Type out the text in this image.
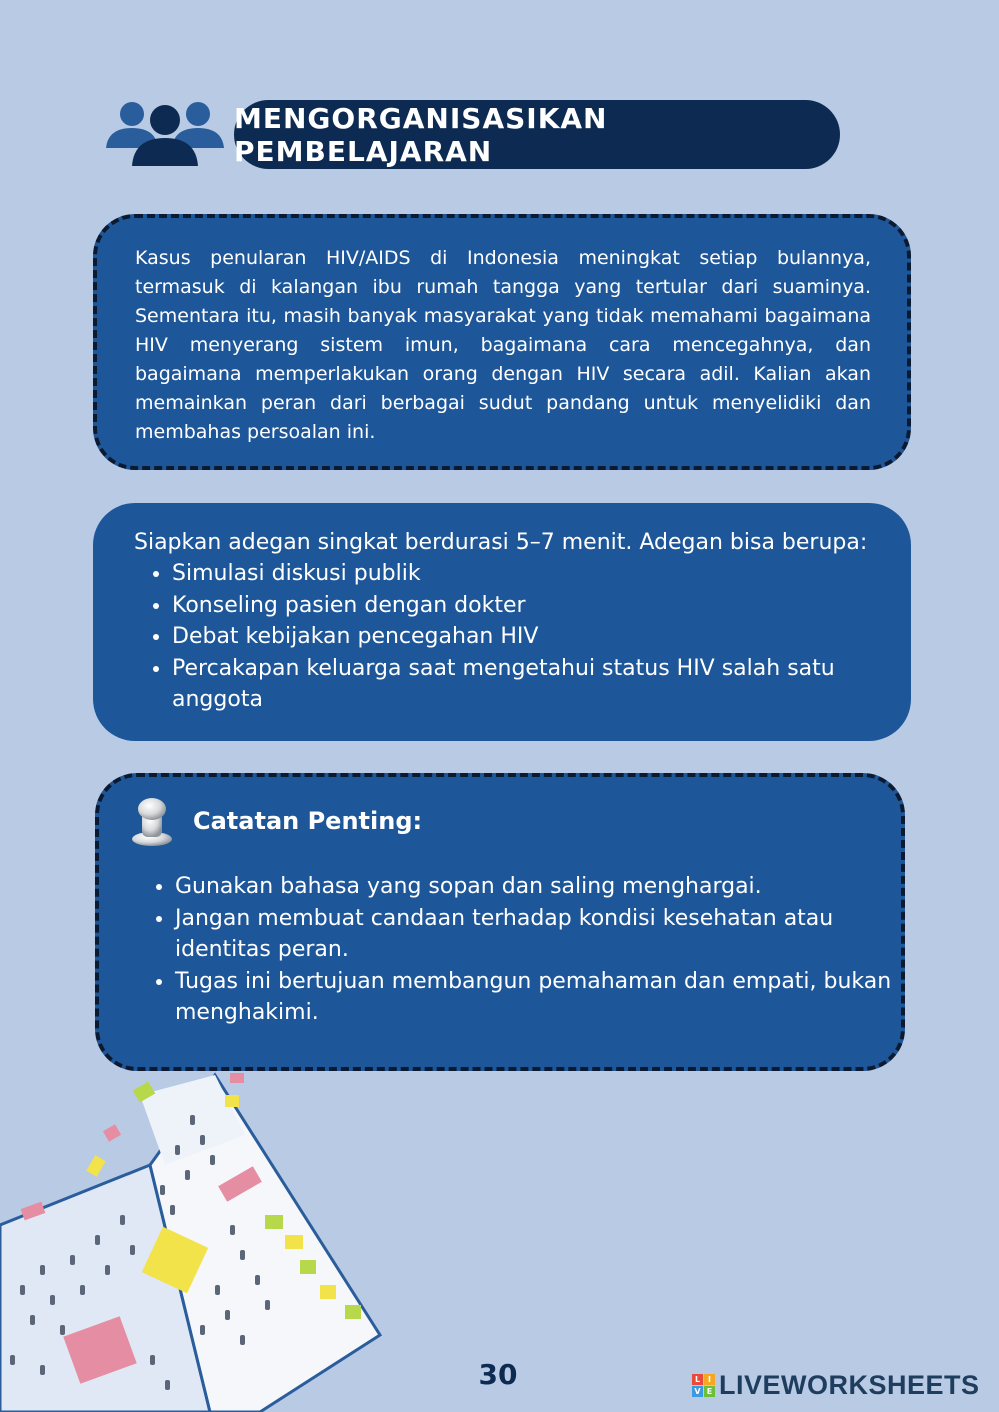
MENGORGANISASIKAN PEMBELAJARAN

Kasus penularan HIV/AIDS di Indonesia meningkat setiap bulannya, termasuk di kalangan ibu rumah tangga yang tertular dari suaminya. Sementara itu, masih banyak masyarakat yang tidak memahami bagaimana HIV menyerang sistem imun, bagaimana cara mencegahnya, dan bagaimana memperlakukan orang dengan HIV secara adil. Kalian akan memainkan peran dari berbagai sudut pandang untuk menyelidiki dan membahas persoalan ini.

Siapkan adegan singkat berdurasi 5–7 menit. Adegan bisa berupa:

• Simulasi diskusi publik
• Konseling pasien dengan dokter
• Debat kebijakan pencegahan HIV
• Percakapan keluarga saat mengetahui status HIV salah satu anggota
Catatan Penting:
• Gunakan bahasa yang sopan dan saling menghargai.
• Jangan membuat candaan terhadap kondisi kesehatan atau identitas peran.
• Tugas ini bertujuan membangun pemahaman dan empati, bukan menghakimi.
30	L I
V E LIVEWORKSHEETS
